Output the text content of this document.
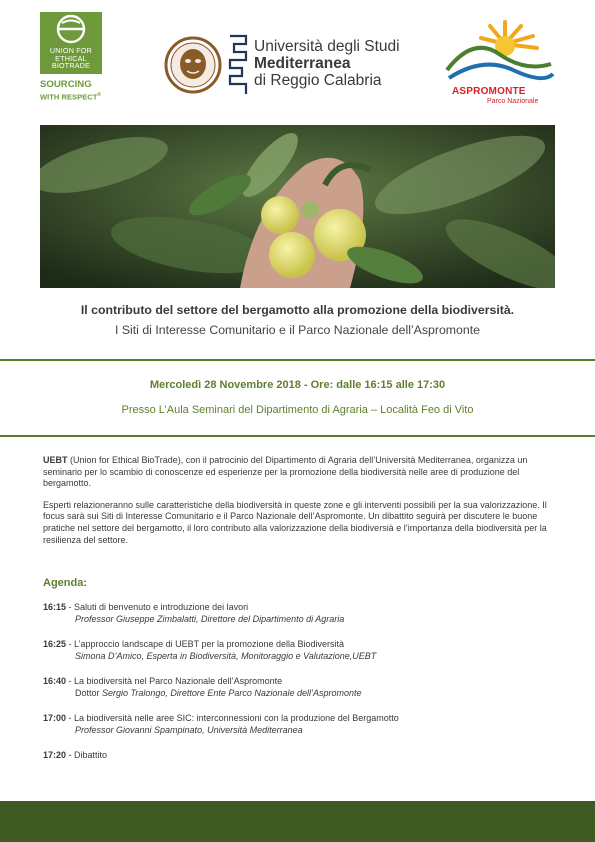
UNION FOR
ETHICAL
BIOTRADE
SOURCING
WITH RESPECT®
Università degli Studi
Mediterranea
di Reggio Calabria
ASPROMONTE
Parco Nazionale
Il contributo del settore del bergamotto alla promozione della biodiversità.
I Siti di Interesse Comunitario e il Parco Nazionale dell’Aspromonte
Mercoledì 28 Novembre 2018 - Ore: dalle 16:15 alle 17:30
Presso L’Aula Seminari del Dipartimento di Agraria – Località Feo di Vito

UEBT (Union for Ethical BioTrade), con il patrocinio del Dipartimento di Agraria dell’Università Mediterranea, organizza un seminario per lo scambio di conoscenze ed esperienze per la promozione della biodiversità nelle aree di produzione del bergamotto.

Esperti relazioneranno sulle caratteristiche della biodiversità in queste zone e gli interventi possibili per la sua valorizzazione. Il focus sarà sui Siti di Interesse Comunitario e il Parco Nazionale dell’Aspromonte. Un dibattito seguirà per discutere le buone pratiche nel settore del bergamotto, il loro contributo alla valorizzazione della biodiversià e l’importanza della biodiversità per la resilienza del settore.

Agenda:
16:15 - Saluti di benvenuto e introduzione dei lavori
Professor Giuseppe Zimbalatti, Direttore del Dipartimento di Agraria
16:25 - L’approccio landscape di UEBT per la promozione della Biodiversità
Simona D’Amico, Esperta in Biodiversità, Monitoraggio e Valutazione,UEBT
16:40 - La biodiversità nel Parco Nazionale dell’Aspromonte
Dottor Sergio Tralongo, Direttore Ente Parco Nazionale dell’Aspromonte
17:00 - La biodiversità nelle aree SIC: interconnessioni con la produzione del Bergamotto
Professor Giovanni Spampinato, Università Mediterranea
17:20 - Dibattito
